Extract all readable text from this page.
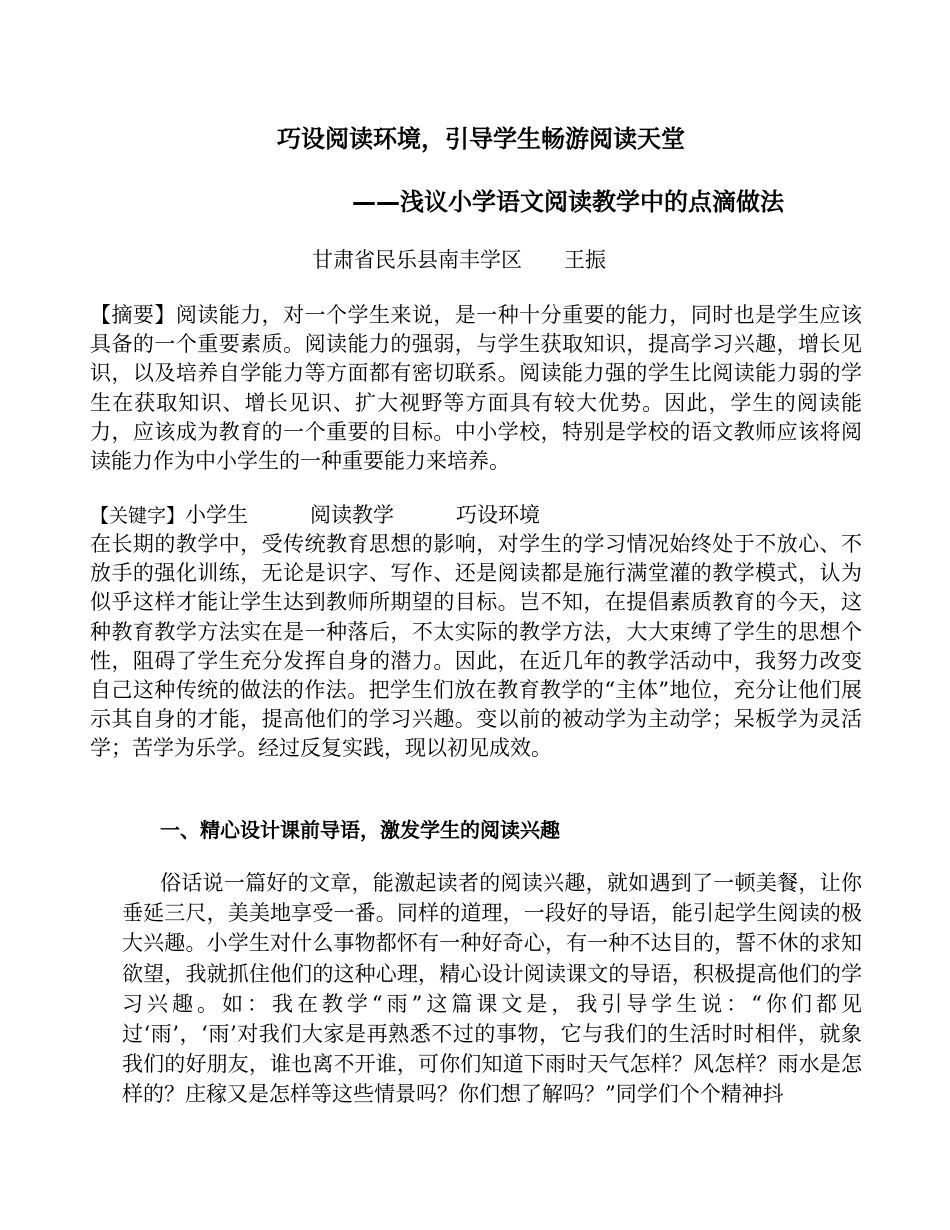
巧设阅读环境，引导学生畅游阅读天堂
——浅议小学语文阅读教学中的点滴做法
甘肃省民乐县南丰学区 王振
【摘要】阅读能力，对一个学生来说，是一种十分重要的能力，同时也是学生应该具备的一个重要素质。阅读能力的强弱，与学生获取知识，提高学习兴趣，增长见识，以及培养自学能力等方面都有密切联系。阅读能力强的学生比阅读能力弱的学生在获取知识、增长见识、扩大视野等方面具有较大优势。因此，学生的阅读能力，应该成为教育的一个重要的目标。中小学校，特别是学校的语文教师应该将阅读能力作为中小学生的一种重要能力来培养。
【关键字】小学生	阅读教学	巧设环境
在长期的教学中，受传统教育思想的影响，对学生的学习情况始终处于不放心、不放手的强化训练，无论是识字、写作、还是阅读都是施行满堂灌的教学模式，认为似乎这样才能让学生达到教师所期望的目标。岂不知，在提倡素质教育的今天，这种教育教学方法实在是一种落后，不太实际的教学方法，大大束缚了学生的思想个性，阻碍了学生充分发挥自身的潜力。因此，在近几年的教学活动中，我努力改变自己这种传统的做法的作法。把学生们放在教育教学的“主体”地位，充分让他们展示其自身的才能，提高他们的学习兴趣。变以前的被动学为主动学；呆板学为灵活学；苦学为乐学。经过反复实践，现以初见成效。
一、精心设计课前导语，激发学生的阅读兴趣
俗话说一篇好的文章，能激起读者的阅读兴趣，就如遇到了一顿美餐，让你垂延三尺，美美地享受一番。同样的道理，一段好的导语，能引起学生阅读的极大兴趣。小学生对什么事物都怀有一种好奇心，有一种不达目的，誓不休的求知欲望，我就抓住他们的这种心理，精心设计阅读课文的导语，积极提高他们的学习兴趣。如：我在教学“雨”这篇课文是，我引导学生说：“你们都见过‘雨’，‘雨’对我们大家是再熟悉不过的事物，它与我们的生活时时相伴，就象我们的好朋友，谁也离不开谁，可你们知道下雨时天气怎样？风怎样？雨水是怎样的？庄稼又是怎样等这些情景吗？你们想了解吗？”同学们个个精神抖
